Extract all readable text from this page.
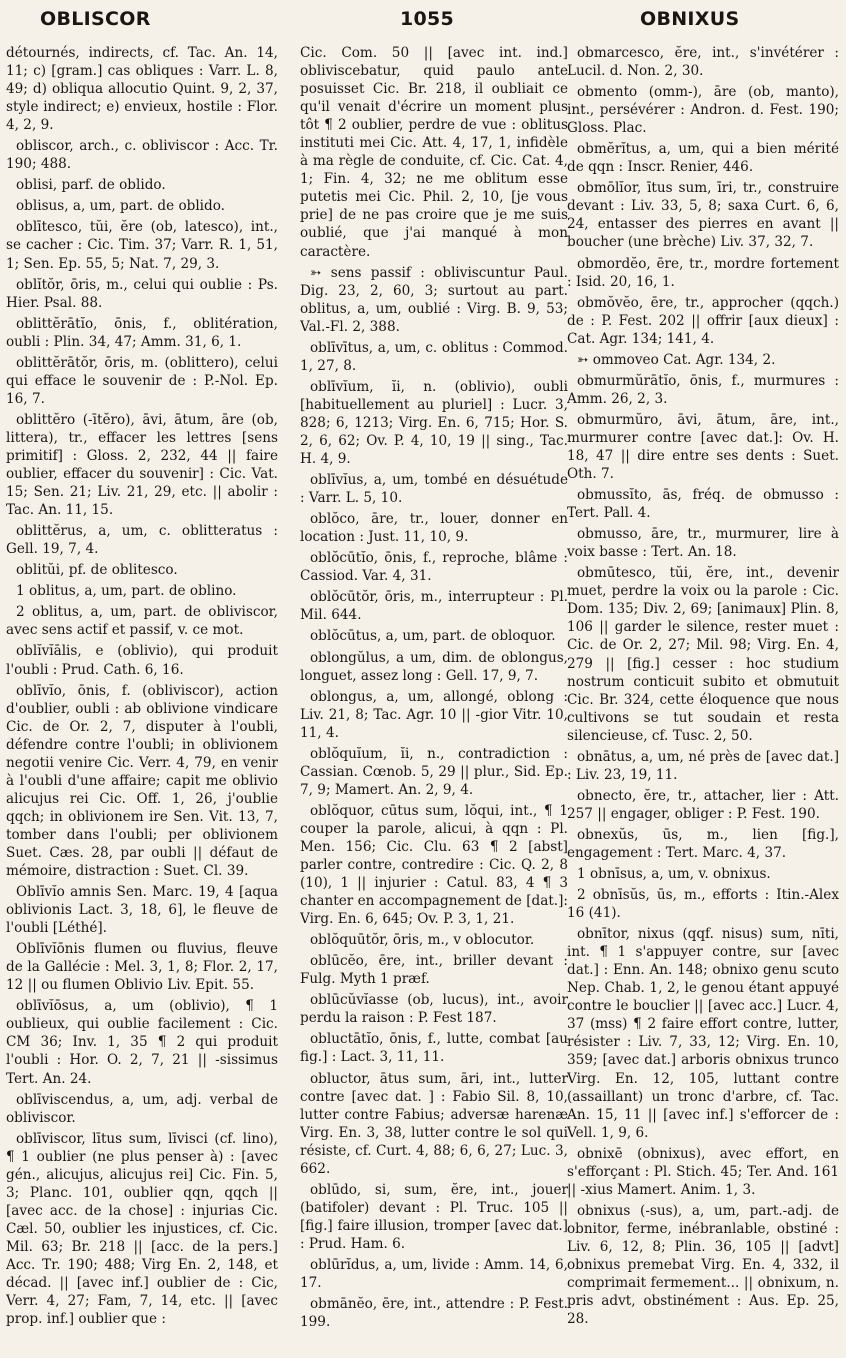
OBLISCOR	1055	OBNIXUS

détournés, indirects, cf. Tac. An. 14, 11; c) [gram.] cas obliques : Varr. L. 8, 49; d) obliqua allocutio Quint. 9, 2, 37, style indirect; e) envieux, hostile : Flor. 4, 2, 9.

obliscor, arch., c. obliviscor : Acc. Tr. 190; 488.

oblisi, parf. de oblido.

oblisus, a, um, part. de oblido.

oblītesco, tŭi, ĕre (ob, latesco), int., se cacher : Cic. Tim. 37; Varr. R. 1, 51, 1; Sen. Ep. 55, 5; Nat. 7, 29, 3.

oblĭtŏr, ōris, m., celui qui oublie : Ps. Hier. Psal. 88.

oblittĕrātĭo, ōnis, f., oblitération, oubli : Plin. 34, 47; Amm. 31, 6, 1.

oblittĕrātŏr, ōris, m. (oblittero), celui qui efface le souvenir de : P.-Nol. Ep. 16, 7.

oblittĕro (-ītĕro), āvi, ātum, āre (ob, littera), tr., effacer les lettres [sens primitif] : Gloss. 2, 232, 44 || faire oublier, effacer du souvenir] : Cic. Vat. 15; Sen. 21; Liv. 21, 29, etc. || abolir : Tac. An. 11, 15.

oblittĕrus, a, um, c. oblitteratus : Gell. 19, 7, 4.

oblitŭi, pf. de oblitesco.

1 oblitus, a, um, part. de oblino.

2 oblitus, a, um, part. de obliviscor, avec sens actif et passif, v. ce mot.

oblĭvĭālis, e (oblivio), qui produit l'oubli : Prud. Cath. 6, 16.

oblīvĭo, ōnis, f. (obliviscor), action d'oublier, oubli : ab oblivione vindicare Cic. de Or. 2, 7, disputer à l'oubli, défendre contre l'oubli; in oblivionem negotii venire Cic. Verr. 4, 79, en venir à l'oubli d'une affaire; capit me oblivio alicujus rei Cic. Off. 1, 26, j'oublie qqch; in oblivionem ire Sen. Vit. 13, 7, tomber dans l'oubli; per oblivionem Suet. Cæs. 28, par oubli || défaut de mémoire, distraction : Suet. Cl. 39.

Oblīvĭo amnis Sen. Marc. 19, 4 [aqua oblivionis Lact. 3, 18, 6], le fleuve de l'oubli [Léthé].

Oblīvĭōnis flumen ou fluvius, fleuve de la Gallécie : Mel. 3, 1, 8; Flor. 2, 17, 12 || ou flumen Oblivio Liv. Epit. 55.

oblīvĭōsus, a, um (oblivio), ¶ 1 oublieux, qui oublie facilement : Cic. CM 36; Inv. 1, 35 ¶ 2 qui produit l'oubli : Hor. O. 2, 7, 21 || -sissimus Tert. An. 24.

oblīviscendus, a, um, adj. verbal de obliviscor.

oblīviscor, lītus sum, līvisci (cf. lino), ¶ 1 oublier (ne plus penser à) : [avec gén., alicujus, alicujus rei] Cic. Fin. 5, 3; Planc. 101, oublier qqn, qqch || [avec acc. de la chose] : injurias Cic. Cæl. 50, oublier les injustices, cf. Cic. Mil. 63; Br. 218 || [acc. de la pers.] Acc. Tr. 190; 488; Virg En. 2, 148, et décad. || [avec inf.] oublier de : Cic, Verr. 4, 27; Fam, 7, 14, etc. || [avec prop. inf.] oublier que :

Cic. Com. 50 || [avec int. ind.] obliviscebatur, quid paulo ante posuisset Cic. Br. 218, il oubliait ce qu'il venait d'écrire un moment plus tôt ¶ 2 oublier, perdre de vue : oblitus instituti mei Cic. Att. 4, 17, 1, infidèle à ma règle de conduite, cf. Cic. Cat. 4, 1; Fin. 4, 32; ne me oblitum esse putetis mei Cic. Phil. 2, 10, [je vous prie] de ne pas croire que je me suis oublié, que j'ai manqué à mon caractère.

➳ sens passif : obliviscuntur Paul. Dig. 23, 2, 60, 3; surtout au part. oblitus, a, um, oublié : Virg. B. 9, 53; Val.-Fl. 2, 388.

oblīvītus, a, um, c. oblitus : Commod. 1, 27, 8.

oblīvĭum, ĭi, n. (oblivio), oubli [habituellement au pluriel] : Lucr. 3, 828; 6, 1213; Virg. En. 6, 715; Hor. S. 2, 6, 62; Ov. P. 4, 10, 19 || sing., Tac. H. 4, 9.

oblīvĭus, a, um, tombé en désuétude : Varr. L. 5, 10.

oblŏco, āre, tr., louer, donner en location : Just. 11, 10, 9.

oblŏcūtĭo, ōnis, f., reproche, blâme : Cassiod. Var. 4, 31.

oblŏcūtŏr, ōris, m., interrupteur : Pl. Mil. 644.

oblŏcūtus, a, um, part. de obloquor.

oblongŭlus, a um, dim. de oblongus, longuet, assez long : Gell. 17, 9, 7.

oblongus, a, um, allongé, oblong : Liv. 21, 8; Tac. Agr. 10 || -gior Vitr. 10, 11, 4.

oblŏquĭum, ĭi, n., contradiction : Cassian. Cœnob. 5, 29 || plur., Sid. Ep. 7, 9; Mamert. An. 2, 9, 4.

oblŏquor, cūtus sum, lŏqui, int., ¶ 1 couper la parole, alicui, à qqn : Pl. Men. 156; Cic. Clu. 63 ¶ 2 [abst] parler contre, contredire : Cic. Q. 2, 8 (10), 1 || injurier : Catul. 83, 4 ¶ 3 chanter en accompagnement de [dat.]: Virg. En. 6, 645; Ov. P. 3, 1, 21.

oblŏquūtŏr, ōris, m., v oblocutor.

oblūcĕo, ēre, int., briller devant : Fulg. Myth 1 præf.

oblūcŭvĭasse (ob, lucus), int., avoir perdu la raison : P. Fest 187.

obluctātĭo, ōnis, f., lutte, combat [au fig.] : Lact. 3, 11, 11.

obluctor, ātus sum, āri, int., lutter contre [avec dat. ] : Fabio Sil. 8, 10, lutter contre Fabius; adversæ harenæ Virg. En. 3, 38, lutter contre le sol qui résiste, cf. Curt. 4, 88; 6, 6, 27; Luc. 3, 662.

oblūdo, si, sum, ĕre, int., jouer (batifoler) devant : Pl. Truc. 105 || [fig.] faire illusion, tromper [avec dat.] : Prud. Ham. 6.

oblūrĭdus, a, um, livide : Amm. 14, 6, 17.

obmānĕo, ēre, int., attendre : P. Fest. 199.

obmarcesco, ĕre, int., s'invétérer : Lucil. d. Non. 2, 30.

obmento (omm-), āre (ob, manto), int., persévérer : Andron. d. Fest. 190; Gloss. Plac.

obmĕrĭtus, a, um, qui a bien mérité de qqn : Inscr. Renier, 446.

obmōlĭor, ītus sum, īri, tr., construire devant : Liv. 33, 5, 8; saxa Curt. 6, 6, 24, entasser des pierres en avant || boucher (une brèche) Liv. 37, 32, 7.

obmordĕo, ēre, tr., mordre fortement : Isid. 20, 16, 1.

obmŏvĕo, ēre, tr., approcher (qqch.) de : P. Fest. 202 || offrir [aux dieux] : Cat. Agr. 134; 141, 4.

➳ ommoveo Cat. Agr. 134, 2.

obmurmŭrātĭo, ōnis, f., murmures : Amm. 26, 2, 3.

obmurmŭro, āvi, ātum, āre, int., murmurer contre [avec dat.]: Ov. H. 18, 47 || dire entre ses dents : Suet. Oth. 7.

obmussĭto, ās, fréq. de obmusso : Tert. Pall. 4.

obmusso, āre, tr., murmurer, lire à voix basse : Tert. An. 18.

obmūtesco, tŭi, ĕre, int., devenir muet, perdre la voix ou la parole : Cic. Dom. 135; Div. 2, 69; [animaux] Plin. 8, 106 || garder le silence, rester muet : Cic. de Or. 2, 27; Mil. 98; Virg. En. 4, 279 || [fig.] cesser : hoc studium nostrum conticuit subito et obmutuit Cic. Br. 324, cette éloquence que nous cultivons se tut soudain et resta silencieuse, cf. Tusc. 2, 50.

obnātus, a, um, né près de [avec dat.] : Liv. 23, 19, 11.

obnecto, ĕre, tr., attacher, lier : Att. 257 || engager, obliger : P. Fest. 190.

obnexŭs, ūs, m., lien [fig.], engagement : Tert. Marc. 4, 37.

1 obnīsus, a, um, v. obnixus.

2 obnīsŭs, ūs, m., efforts : Itin.-Alex 16 (41).

obnītor, nixus (qqf. nisus) sum, nīti, int. ¶ 1 s'appuyer contre, sur [avec dat.] : Enn. An. 148; obnixo genu scuto Nep. Chab. 1, 2, le genou étant appuyé contre le bouclier || [avec acc.] Lucr. 4, 37 (mss) ¶ 2 faire effort contre, lutter, résister : Liv. 7, 33, 12; Virg. En. 10, 359; [avec dat.] arboris obnixus trunco Virg. En. 12, 105, luttant contre (assaillant) un tronc d'arbre, cf. Tac. An. 15, 11 || [avec inf.] s'efforcer de : Vell. 1, 9, 6.

obnixē (obnixus), avec effort, en s'efforçant : Pl. Stich. 45; Ter. And. 161 || -xius Mamert. Anim. 1, 3.

obnixus (-sus), a, um, part.-adj. de obnitor, ferme, inébranlable, obstiné : Liv. 6, 12, 8; Plin. 36, 105 || [advt] obnixus premebat Virg. En. 4, 332, il comprimait fermement... || obnixum, n. pris advt, obstinément : Aus. Ep. 25, 28.
